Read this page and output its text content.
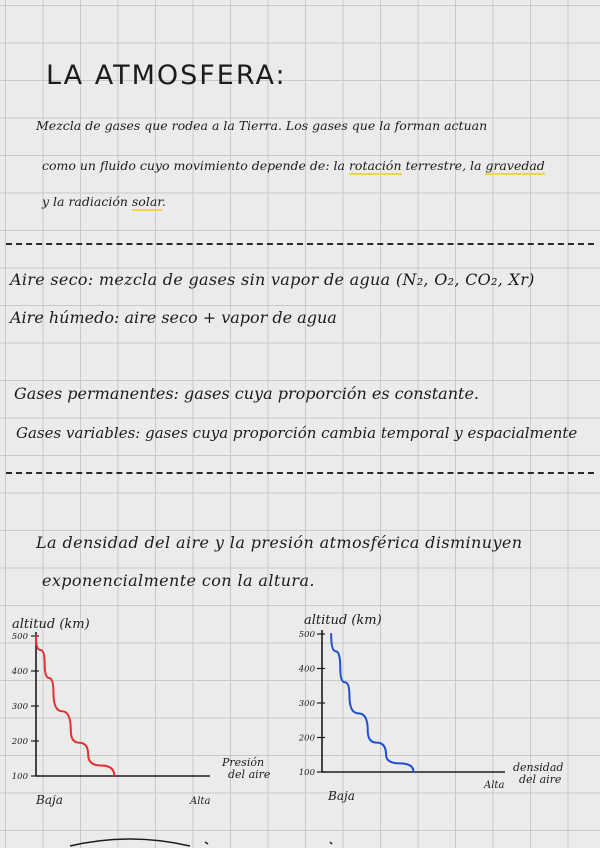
LA ATMOSFERA:
Mezcla de gases que rodea a la Tierra. Los gases que la forman actuan
como un fluido cuyo movimiento depende de: la rotación terrestre, la gravedad
y la radiación solar.
Aire seco: mezcla de gases sin vapor de agua (N₂, O₂, CO₂, Xr)
Aire húmedo: aire seco + vapor de agua
Gases permanentes: gases cuya proporción es constante.
Gases variables: gases cuya proporción cambia temporal y espacialmente
La densidad del aire y la presión atmosférica disminuyen
exponencialmente con la altura.
altitud (km)
100
200
300
400
500
Baja	Alta
Presión del aire
altitud (km)
100
200
300
400
500
Baja
Alta
densidad del aire
